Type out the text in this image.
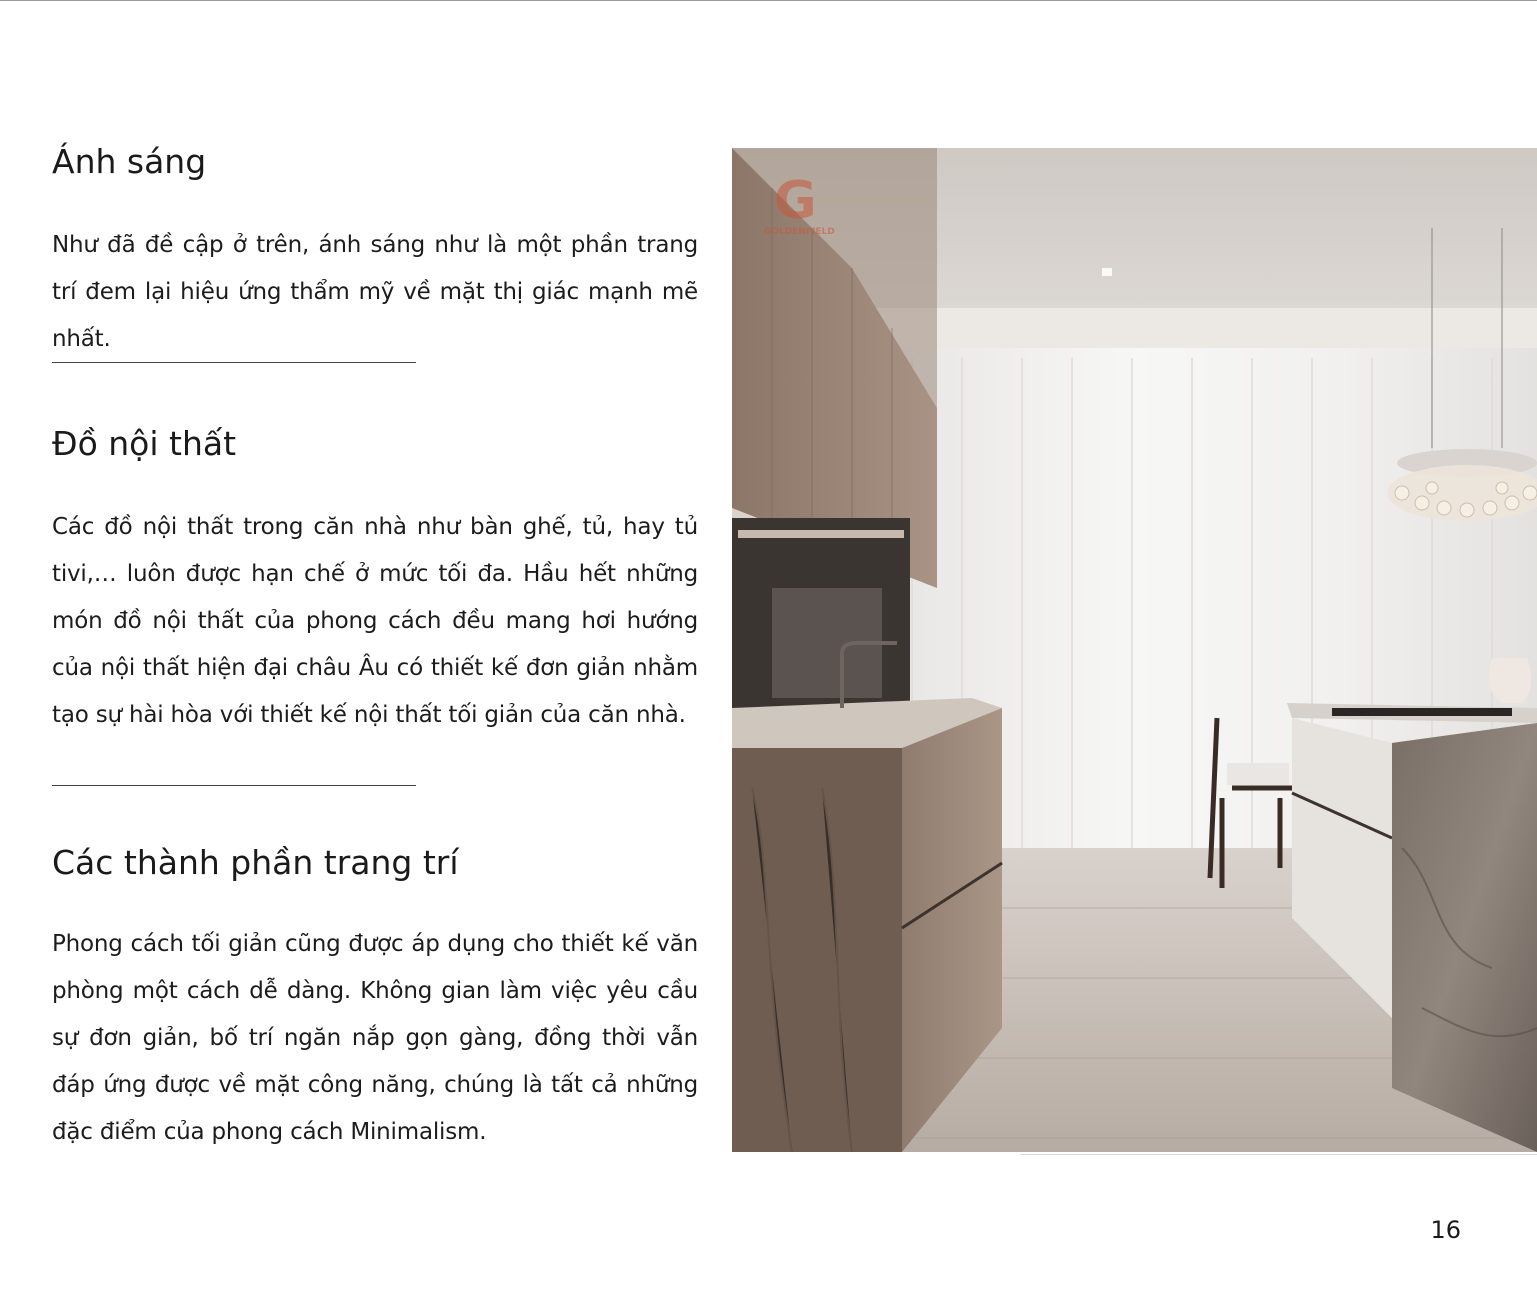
Ánh sáng

Như đã đề cập ở trên, ánh sáng như là một phần trang trí đem lại hiệu ứng thẩm mỹ về mặt thị giác mạnh mẽ nhất.

Đồ nội thất

Các đồ nội thất trong căn nhà như bàn ghế, tủ, hay tủ tivi,… luôn được hạn chế ở mức tối đa. Hầu hết những món đồ nội thất của phong cách đều mang hơi hướng của nội thất hiện đại châu Âu có thiết kế đơn giản nhằm tạo sự hài hòa với thiết kế nội thất tối giản của căn nhà.

Các thành phần trang trí

Phong cách tối giản cũng được áp dụng cho thiết kế văn phòng một cách dễ dàng. Không gian làm việc yêu cầu sự đơn giản, bố trí ngăn nắp gọn gàng, đồng thời vẫn đáp ứng được về mặt công năng, chúng là tất cả những đặc điểm của phong cách Minimalism.

G
GOLDENFIELD
16
